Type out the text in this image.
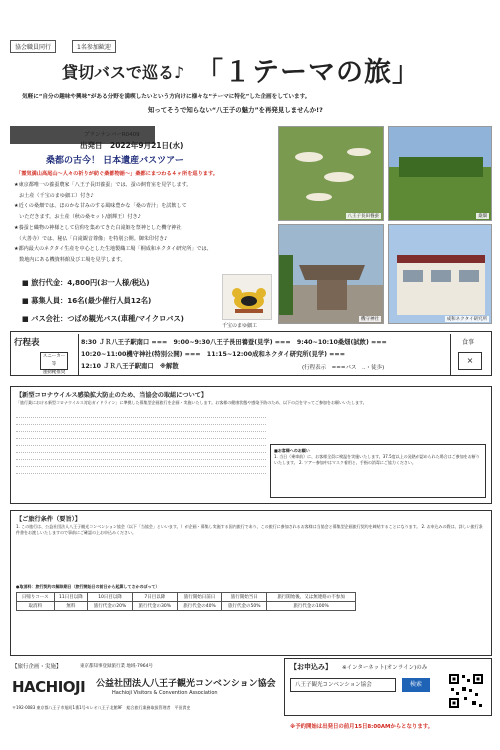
協会職員同行	1名参加歓迎
貸切バスで巡る♪ 「１テーマの旅」
気軽に“自分の趣味や興味”がある分野を満喫したいという方向けに様々な“テーマに特化”した企画をしています。
知ってそうで知らない“八王子の魅力”を再発見しませんか!?
プランナンバーR0409
出発日　2022年9月21日(水)
桑都の古今！ 日本遺産バスツアー
「霊気満山高尾山～人々の祈りが紡ぐ桑都物語～」桑都にまつわる４ヶ所を巡ります。
★東京都唯一の養蚕農家「八王子長田養蚕」では、蚕の飼育室を見学します。
　お土産（千宝のまゆ細工）付き♪
★近くの桑畑では、ほのかな甘みのする風味豊かな「桑の青汁」を試飲して
　いただきます。お土産（秋の桑セット/創輝王）付き♪
★養蚕と織物の神様として信仰を集めてきた白滝姫を祭神とした機守神社
　（大善寺）では、秘仏「白滝観音尊像」を特別公開。御朱印付き♪
★都内最大のネクタイ生産を中心とした生地製織工場「桐成和ネクタイ研究所」では、
　数地内にある機資料館及び工場を見学します。
■ 旅行代金：4,800円(お一人様/税込)
■ 募集人員：16名(最少催行人員12名)
■ バス会社：つばめ観光バス(車種/マイクロバス)
千宝のまゆ細工
八王子長田養蚕	桑畑
機守神社	成和ネクタイ研究所
行程表
スニーカー等
運動靴推奨
8:30 ＪＲ八王子駅南口 ===　9:00~9:30八王子長田養蚕(見学) ===　9:40~10:10桑畑(試飲) ===
10:20~11:00機守神社(特別公開) ===　11:15~12:00成和ネクタイ研究所(見学) ===
12:10 ＪＲ八王子駅南口　※解散	(行程表示　===バス　‥・徒歩)
食事
×
【新型コロナウイルス感染拡大防止のため、当協会の取組について】
「旅行業における新型コロナウイルス対応ガイドライン」に準拠した募集型企画旅行を企画・実施いたします。お客様の健康状態や感染予防のため、以下の点を守ってご参加をお願いいたします。
■お客様へのお願い
1. 当日（乗車前）に、お客様全員に検温を実施いたします。37.5度以上の発熱が認められた場合はご参加をお断りいたします。 2. ツアー参加中はマスク着用と、手指の消毒にご協力ください。
【ご旅行条件（要旨）】
1. この旅行は、公益社団法人八王子観光コンベンション協会（以下「当協会」といいます。）が企画・募集し実施する国内旅行であり、この旅行に参加されるお客様は当協会と募集型企画旅行契約を締結することになります。 2. お申込みの際は、詳しい旅行条件書をお渡しいたしますので事前にご確認の上お申込みください。
●取消料：旅行契約の解除期日（旅行開始日の前日から起算してさかのぼって）
日帰りコース	11日目以降	10日目以降	7日目以降	旅行開始日前日	旅行開始当日	旅行開始後、又は無連絡の不参加
取消料	無料	旅行代金の20%	旅行代金の30%	旅行代金の40%	旅行代金の50%	旅行代金の100%
【旅行企画・実施】	東京都知事登録旅行業 地域-7964号
HACHIOJI 公益社団法人八王子観光コンベンション協会
Hachioji Visitors & Convention Association
〒192-0083 東京都八王子市旭町1番1号セレオ八王子北館9F　総合旅行業務取扱管理者　平田貴史
【お申込み】 ※インターネット(オンライン)のみ
八王子観光コンベンション協会	検索
※予約開始は出発日の前月15日8:00AMからとなります。
